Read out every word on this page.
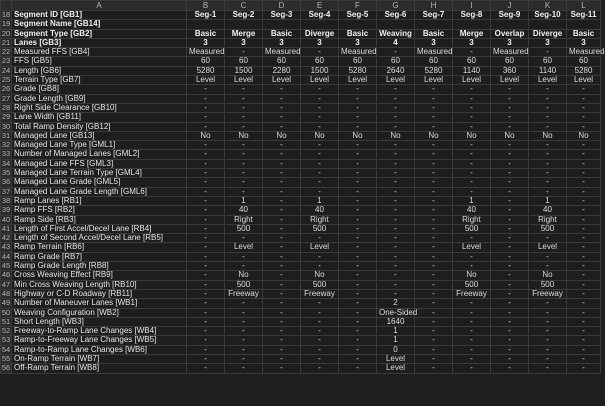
	A	B	C	D	E	F	G	H	I	J	K	L
18	Segment ID [GB1]	Seg-1	Seg-2	Seg-3	Seg-4	Seg-5	Seg-6	Seg-7	Seg-8	Seg-9	Seg-10	Seg-11
19	Segment Name [GB14]											
20	Segment Type [GB2]	Basic	Merge	Basic	Diverge	Basic	Weaving	Basic	Merge	Overlap	Diverge	Basic
21	Lanes [GB3]	3	3	3	3	3	4	3	3	3	3	3
22	Measured FFS [GB4]	Measured	-	Measured	-	Measured	-	Measured	-	Measured	-	Measured
23	FFS [GB5]	60	60	60	60	60	60	60	60	60	60	60
24	Length [GB6]	5280	1500	2280	1500	5280	2640	5280	1140	360	1140	5280
25	Terrain Type [GB7]	Level	Level	Level	Level	Level	Level	Level	Level	Level	Level	Level
26	Grade [GB8]	-	-	-	-	-	-	-	-	-	-	-
27	Grade Length [GB9]	-	-	-	-	-	-	-	-	-	-	-
28	Right Side Clearance [GB10]	-	-	-	-	-	-	-	-	-	-	-
29	Lane Width [GB11]	-	-	-	-	-	-	-	-	-	-	-
30	Total Ramp Density [GB12]	-	-	-	-	-	-	-	-	-	-	-
31	Managed Lane [GB13]	No	No	No	No	No	No	No	No	No	No	No
32	Managed Lane Type [GML1]	-	-	-	-	-	-	-	-	-	-	-
33	Number of Managed Lanes [GML2]	-	-	-	-	-	-	-	-	-	-	-
34	Managed Lane FFS [GML3]	-	-	-	-	-	-	-	-	-	-	-
35	Managed Lane Terrain Type [GML4]	-	-	-	-	-	-	-	-	-	-	-
36	Managed Lane Grade [GML5]	-	-	-	-	-	-	-	-	-	-	-
37	Managed Lane Grade Length [GML6]	-	-	-	-	-	-	-	-	-	-	-
38	Ramp Lanes [RB1]	-	1	-	1	-	-	-	1	-	1	-
39	Ramp FFS [RB2]	-	40	-	40	-	-	-	40	-	40	-
40	Ramp Side [RB3]	-	Right	-	Right	-	-	-	Right	-	Right	-
41	Length of First Accel/Decel Lane [RB4]	-	500	-	500	-	-	-	500	-	500	-
42	Length of Second Accel/Decel Lane [RB5]	-	-	-	-	-	-	-	-	-	-	-
43	Ramp Terrain [RB6]	-	Level	-	Level	-	-	-	Level	-	Level	-
44	Ramp Grade [RB7]	-	-	-	-	-	-	-	-	-	-	-
45	Ramp Grade Length [RB8]	-	-	-	-	-	-	-	-	-	-	-
46	Cross Weaving Effect [RB9]	-	No	-	No	-	-	-	No	-	No	-
47	Min Cross Weaving Length [RB10]	-	500	-	500	-	-	-	500	-	500	-
48	Highway or C-D Roadway [RB11]	-	Freeway	-	Freeway	-	-	-	Freeway	-	Freeway	-
49	Number of Maneuver Lanes [WB1]	-	-	-	-	-	2	-	-	-	-	-
50	Weaving Configuration [WB2]	-	-	-	-	-	One-Sided	-	-	-	-	-
51	Short Length [WB3]	-	-	-	-	-	1640	-	-	-	-	-
52	Freeway-to-Ramp Lane Changes [WB4]	-	-	-	-	-	1	-	-	-	-	-
53	Ramp-to-Freeway Lane Changes [WB5]	-	-	-	-	-	1	-	-	-	-	-
54	Ramp-to-Ramp Lane Changes [WB6]	-	-	-	-	-	0	-	-	-	-	-
55	On-Ramp Terrain [WB7]	-	-	-	-	-	Level	-	-	-	-	-
56	Off-Ramp Terrain [WB8]	-	-	-	-	-	Level	-	-	-	-	-
